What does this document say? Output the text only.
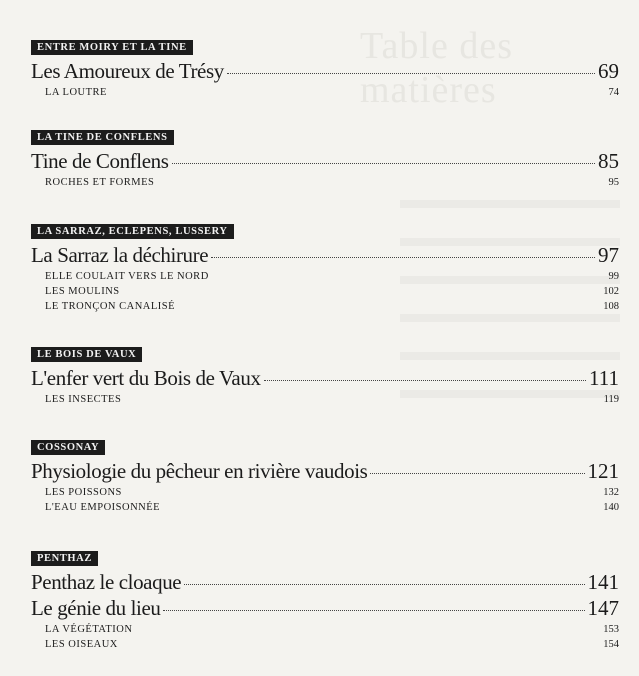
Table des matières
ENTRE MOIRY ET LA TINE
Les Amoureux de Trésy	69
LA LOUTRE	74
LA TINE DE CONFLENS
Tine de Conflens	85
ROCHES ET FORMES	95
LA SARRAZ, ECLEPENS, LUSSERY
La Sarraz la déchirure	97
ELLE COULAIT VERS LE NORD	99
LES MOULINS	102
LE TRONÇON CANALISÉ	108
LE BOIS DE VAUX
L'enfer vert du Bois de Vaux	111
LES INSECTES	119
COSSONAY
Physiologie du pêcheur en rivière vaudois	121
LES POISSONS	132
L'EAU EMPOISONNÉE	140
PENTHAZ
Penthaz le cloaque	141
Le génie du lieu	147
LA VÉGÉTATION	153
LES OISEAUX	154
